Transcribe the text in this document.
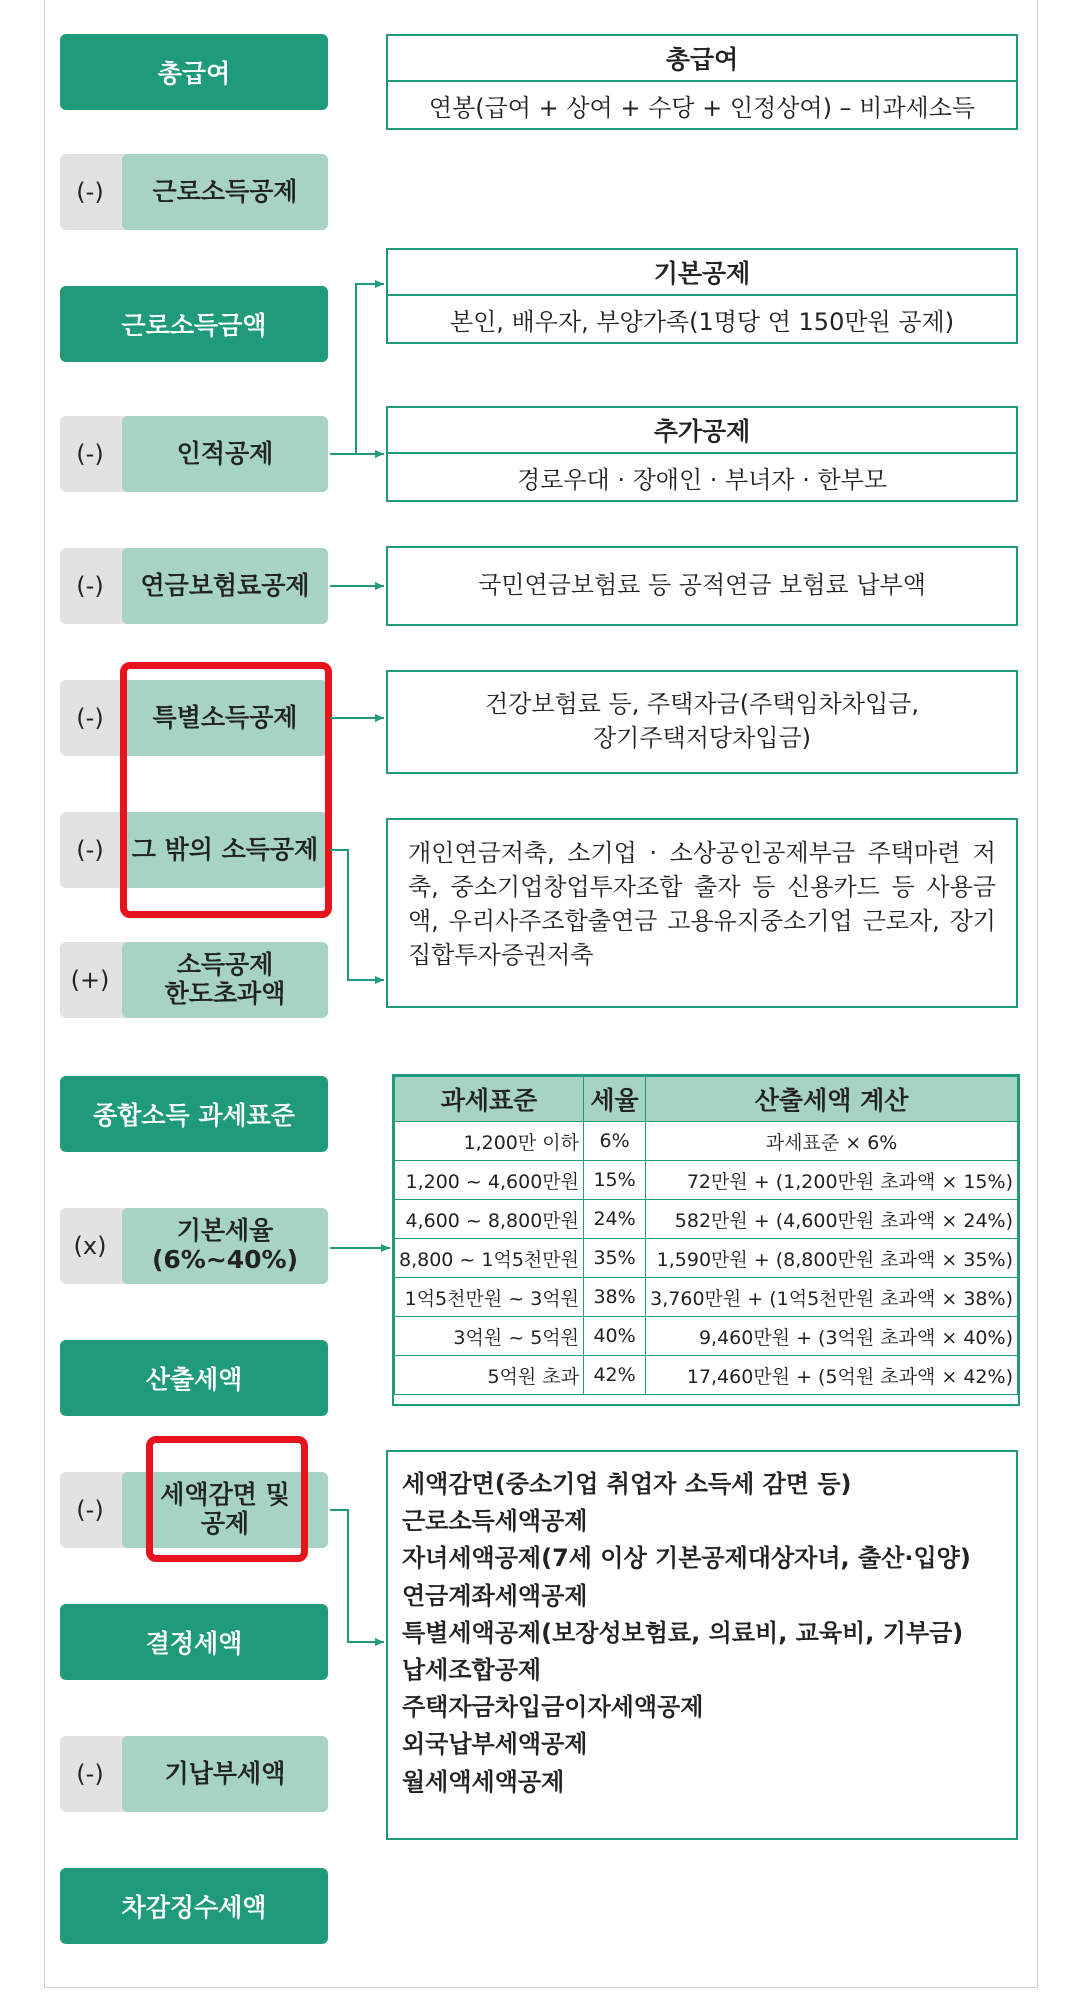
총급여
(-)	근로소득공제
근로소득금액
(-)	인적공제
(-)	연금보험료공제
(-)	특별소득공제
(-)	그 밖의 소득공제
(+)
소득공제
한도초과액
종합소득 과세표준
(x)
기본세율
(6%~40%)
산출세액
(-)
세액감면 및
공제
결정세액
(-)	기납부세액
차감징수세액
총급여
연봉(급여 + 상여 + 수당 + 인정상여) – 비과세소득
기본공제
본인, 배우자, 부양가족(1명당 연 150만원 공제)
추가공제
경로우대 · 장애인 · 부녀자 · 한부모
국민연금보험료 등 공적연금 보험료 납부액
건강보험료 등, 주택자금(주택임차차입금,
장기주택저당차입금)
개인연금저축, 소기업 · 소상공인공제부금 주택마련 저축, 중소기업창업투자조합 출자 등 신용카드 등 사용금액, 우리사주조합출연금 고용유지중소기업 근로자, 장기집합투자증권저축
과세표준	세율	산출세액 계산
1,200만 이하	6%	과세표준 × 6%
1,200 ~ 4,600만원	15%	72만원 + (1,200만원 초과액 × 15%)
4,600 ~ 8,800만원	24%	582만원 + (4,600만원 초과액 × 24%)
8,800 ~ 1억5천만원	35%	1,590만원 + (8,800만원 초과액 × 35%)
1억5천만원 ~ 3억원	38%	3,760만원 + (1억5천만원 초과액 × 38%)
3억원 ~ 5억원	40%	9,460만원 + (3억원 초과액 × 40%)
5억원 초과	42%	17,460만원 + (5억원 초과액 × 42%)
세액감면(중소기업 취업자 소득세 감면 등)
근로소득세액공제
자녀세액공제(7세 이상 기본공제대상자녀, 출산·입양)
연금계좌세액공제
특별세액공제(보장성보험료, 의료비, 교육비, 기부금)
납세조합공제
주택자금차입금이자세액공제
외국납부세액공제
월세액세액공제
